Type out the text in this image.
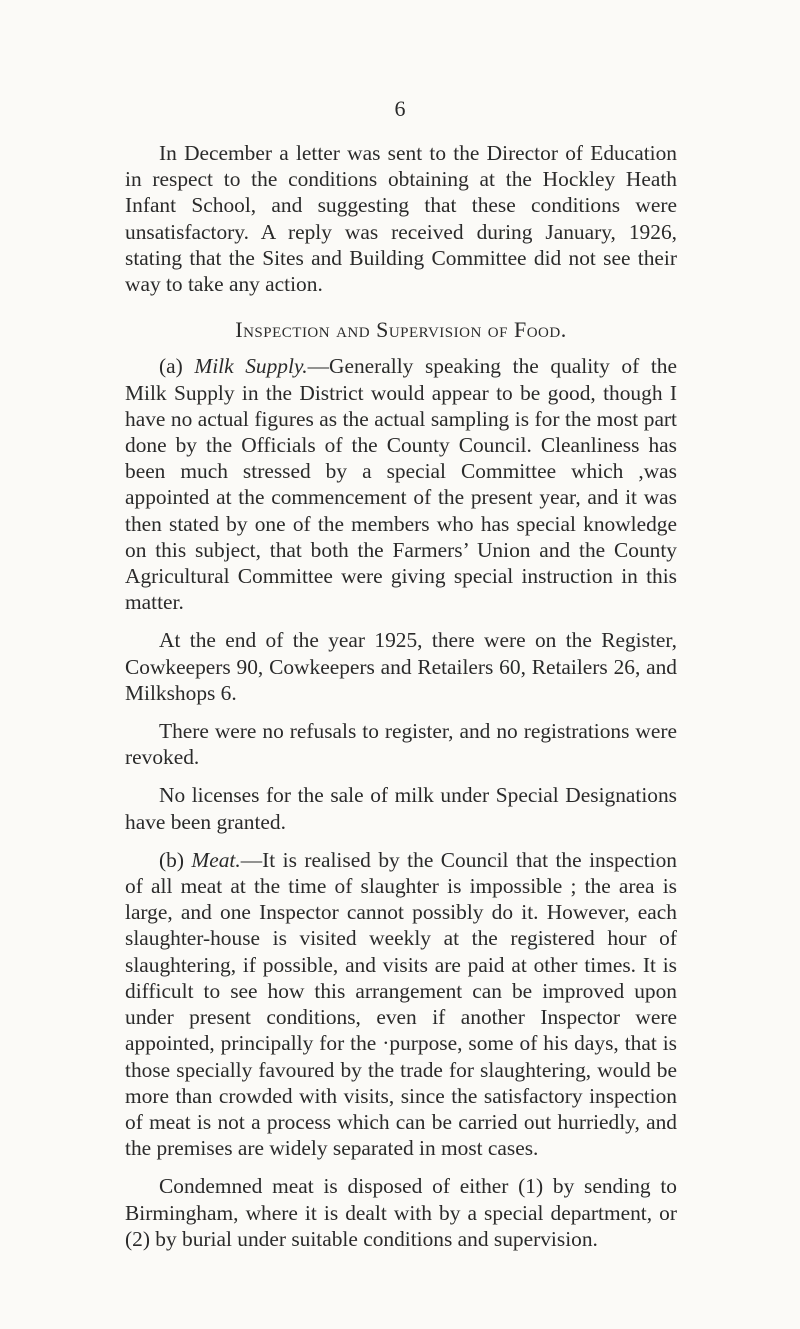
6

In December a letter was sent to the Director of Education in respect to the conditions obtaining at the Hockley Heath Infant School, and suggesting that these conditions were unsatisfactory. A reply was received during January, 1926, stating that the Sites and Building Committee did not see their way to take any action.

Inspection and Supervision of Food.

(a) Milk Supply.—Generally speaking the quality of the Milk Supply in the District would appear to be good, though I have no actual figures as the actual sampling is for the most part done by the Officials of the County Council. Cleanliness has been much stressed by a special Committee which ,was appointed at the commencement of the present year, and it was then stated by one of the members who has special knowledge on this subject, that both the Farmers’ Union and the County Agricultural Committee were giving special instruction in this matter.

At the end of the year 1925, there were on the Register, Cowkeepers 90, Cowkeepers and Retailers 60, Retailers 26, and Milkshops 6.

There were no refusals to register, and no registrations were revoked.

No licenses for the sale of milk under Special Designations have been granted.

(b) Meat.—It is realised by the Council that the inspection of all meat at the time of slaughter is impossible ; the area is large, and one Inspector cannot possibly do it. However, each slaughter-house is visited weekly at the registered hour of slaughtering, if possible, and visits are paid at other times. It is difficult to see how this arrangement can be improved upon under present conditions, even if another Inspector were appointed, principally for the ·purpose, some of his days, that is those specially favoured by the trade for slaughtering, would be more than crowded with visits, since the satisfactory inspection of meat is not a process which can be carried out hurriedly, and the premises are widely separated in most cases.

Condemned meat is disposed of either (1) by sending to Birmingham, where it is dealt with by a special department, or (2) by burial under suitable conditions and supervision.
